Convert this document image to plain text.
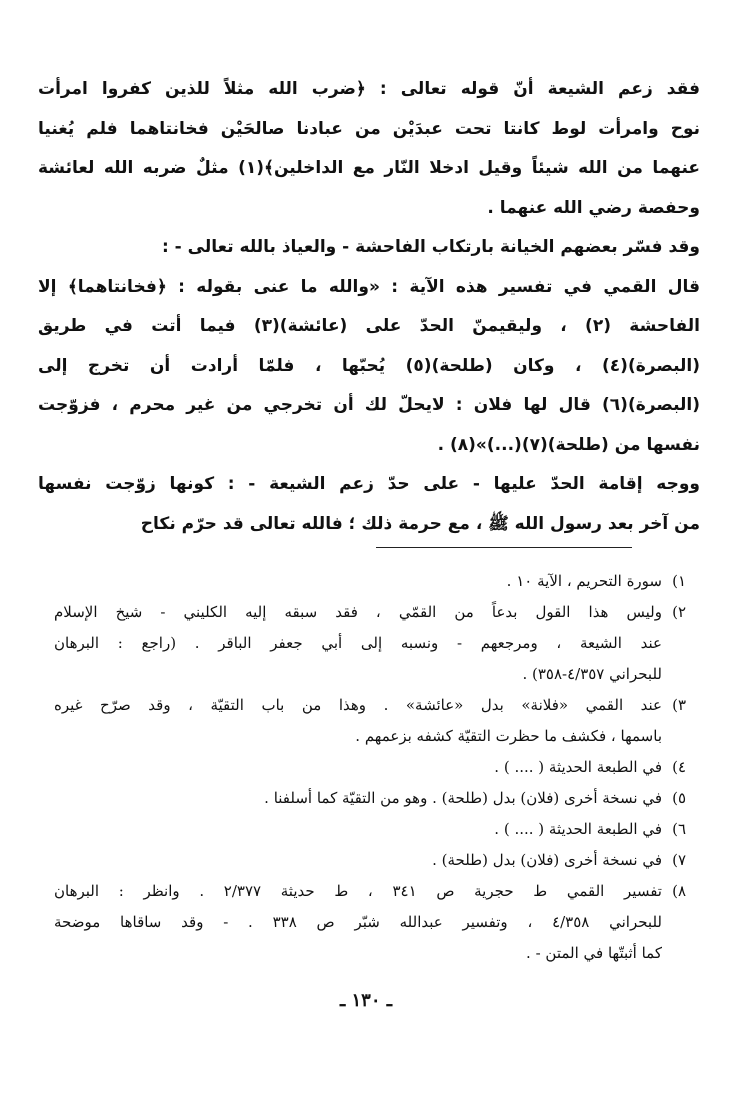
فقد زعم الشيعة أنّ قوله تعالى : ﴿ضرب الله مثلاً للذين كفروا امرأت
نوح وامرأت لوط كانتا تحت عبدَيْن من عبادنا صالحَيْن فخانتاهما فلم يُغنيا
عنهما من الله شيئاً وقيل ادخلا النّار مع الداخلين﴾(١) مثلٌ ضربه الله لعائشة
وحفصة رضي الله عنهما .
وقد فسّر بعضهم الخيانة بارتكاب الفاحشة - والعياذ بالله تعالى - :
قال القمي في تفسير هذه الآية : «والله ما عنى بقوله : ﴿فخانتاهما﴾ إلا
الفاحشة (٢) ، وليقيمنّ الحدّ على (عائشة)(٣) فيما أتت في طريق
(البصرة)(٤) ، وكان (طلحة)(٥) يُحبّها ، فلمّا أرادت أن تخرج إلى
(البصرة)(٦) قال لها فلان : لايحلّ لك أن تخرجي من غير محرم ، فزوّجت
نفسها من (طلحة)(٧)(...)»(٨) .
ووجه إقامة الحدّ عليها - على حدّ زعم الشيعة - : كونها زوّجت نفسها
من آخر بعد رسول الله ﷺ ، مع حرمة ذلك ؛ فالله تعالى قد حرّم نكاح
١)
سورة التحريم ، الآية ١٠ .
٢)
وليس هذا القول بدعاً من القمّي ، فقد سبقه إليه الكليني - شيخ الإسلام
عند الشيعة ، ومرجعهم - ونسبه إلى أبي جعفر الباقر . (راجع : البرهان
للبحراني ٤/٣٥٧-٣٥٨) .
٣)
عند القمي «فلانة» بدل «عائشة» . وهذا من باب التقيّة ، وقد صرّح غيره
باسمها ، فكشف ما حظرت التقيّة كشفه بزعمهم .
٤)
في الطبعة الحديثة ( .... ) .
٥)
في نسخة أخرى (فلان) بدل (طلحة) . وهو من التقيّة كما أسلفنا .
٦)
في الطبعة الحديثة ( .... ) .
٧)
في نسخة أخرى (فلان) بدل (طلحة) .
٨)
تفسير القمي ط حجرية ص ٣٤١ ، ط حديثة ٢/٣٧٧ . وانظر : البرهان
للبحراني ٤/٣٥٨ ، وتفسير عبدالله شبّر ص ٣٣٨ . - وقد ساقاها موضحة
كما أثبتّها في المتن - .
ـ ١٣٠ ـ
